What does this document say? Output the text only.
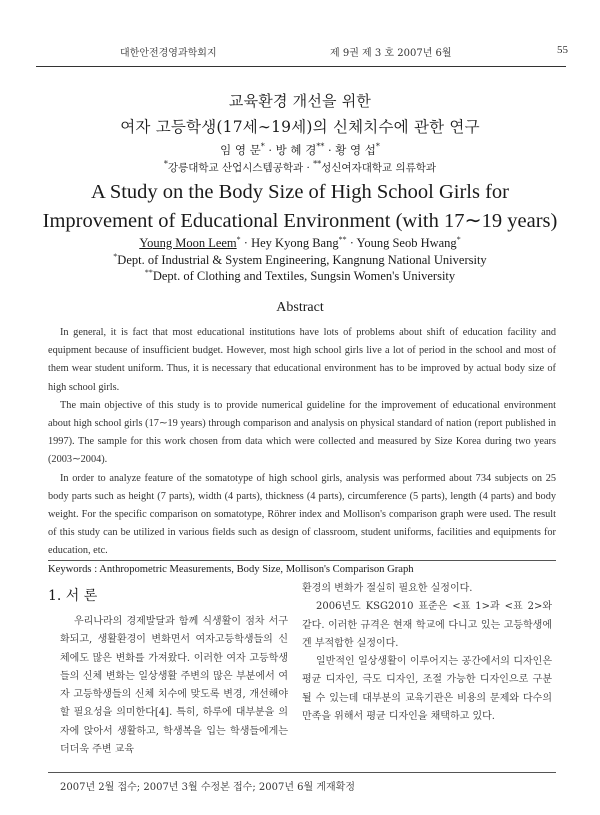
대한안전경영과학회지	제 9권 제 3 호 2007년 6월	55
교육환경 개선을 위한
여자 고등학생(17세∼19세)의 신체치수에 관한 연구
임 영 문* · 방 혜 경** · 황 영 섭*
*강릉대학교 산업시스템공학과 · **성신여자대학교 의류학과
A Study on the Body Size of High School Girls for
Improvement of Educational Environment (with 17∼19 years)
Young Moon Leem* · Hey Kyong Bang** · Young Seob Hwang*
*Dept. of Industrial & System Engineering, Kangnung National University
**Dept. of Clothing and Textiles, Sungsin Women's University
Abstract

In general, it is fact that most educational institutions have lots of problems about shift of education facility and equipment because of insufficient budget. However, most high school girls live a lot of period in the school and most of them wear student uniform. Thus, it is necessary that educational environment has to be improved by actual body size of high school girls.

The main objective of this study is to provide numerical guideline for the improvement of educational environment about high school girls (17∼19 years) through comparison and analysis on physical standard of nation (report published in 1997). The sample for this work chosen from data which were collected and measured by Size Korea during two years (2003∼2004).

In order to analyze feature of the somatotype of high school girls, analysis was performed about 734 subjects on 25 body parts such as height (7 parts), width (4 parts), thickness (4 parts), circumference (5 parts), length (4 parts) and body weight. For the specific comparison on somatotype, Röhrer index and Mollison's comparison graph were used. The result of this study can be utilized in various fields such as design of classroom, student uniforms, facilities and equipments for education, etc.

Keywords : Anthropometric Measurements, Body Size, Mollison's Comparison Graph

1. 서 론

우리나라의 경제발달과 함께 식생활이 점차 서구화되고, 생활환경이 변화면서 여자고등학생들의 신체에도 많은 변화를 가져왔다. 이러한 여자 고등학생들의 신체 변화는 일상생활 주변의 많은 부분에서 여자 고등학생들의 신체 치수에 맞도록 변경, 개선해야할 필요성을 의미한다[4]. 특히, 하루에 대부분을 의자에 앉아서 생활하고, 학생복을 입는 학생들에게는 더더욱 주변 교육

환경의 변화가 절실히 필요한 실정이다.

2006년도 KSG2010 표준은 <표 1>과 <표 2>와 같다. 이러한 규격은 현재 학교에 다니고 있는 고등학생에겐 부적합한 실정이다.

일반적인 일상생활이 이루어지는 공간에서의 디자인은 평균 디자인, 극도 디자인, 조절 가능한 디자인으로 구분될 수 있는데 대부분의 교육기관은 비용의 문제와 다수의 만족을 위해서 평균 디자인을 채택하고 있다.

2007년 2월 접수; 2007년 3월 수정본 접수; 2007년 6월 게재확정
